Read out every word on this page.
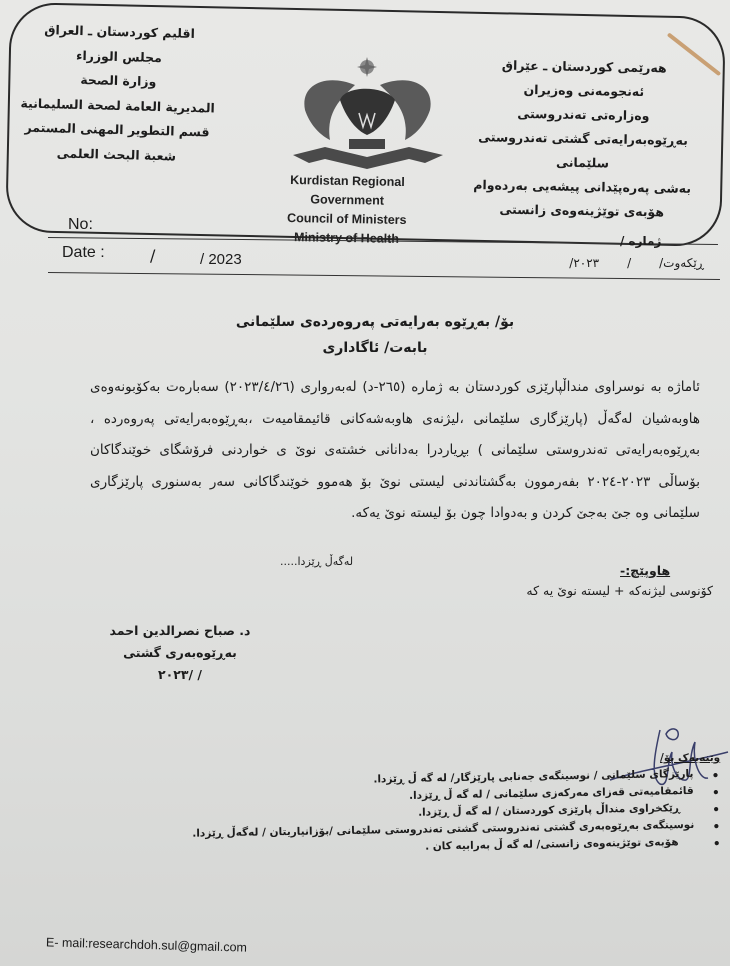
اقليم كوردستان ـ العراق
مجلس الوزراء
وزارة الصحة
المديرية العامة لصحة السليمانية
قسم التطوير المهنى المستمر
شعبة البحث العلمى
هەرێمی کوردستان ـ عێراق
ئەنجومەنی وەزیران
وەزارەتی تەندروستی
بەڕێوەبەرایەتی گشتی تەندروستی سلێمانی
بەشی پەرەپێدانی پیشەیی بەردەوام
هۆبەی توێژینەوەی زانستی
Kurdistan Regional Government
Council of Ministers
Ministry of Health
No:
Date :	/	/ 2023
ژمارە /
ڕێکەوت/
/
٢٠٢٣/
بۆ/ بەڕێوە بەرایەتی پەروەردەی سلێمانی
بابەت/ ئاگاداری
ئاماژە بە نوسراوی منداڵپارێزی کوردستان بە ژمارە (٢٦٥-د) لەبەرواری (٢٠٢٣/٤/٢٦) سەبارەت بەکۆبونەوەی هاوبەشیان لەگەڵ (پارێزگاری سلێمانی ،لیژنەی هاوبەشەکانی قائیمقامیەت ،بەڕێوەبەرایەتی پەروەردە ، بەڕێوەبەرایەتی تەندروستی سلێمانی ) بڕیاردرا بەدانانی خشتەی نوێ ی خواردنی فرۆشگای خوێندگاکان بۆساڵی ٢٠٢٣-٢٠٢٤ بفەرموون بەگشتاندنی لیستی نوێ بۆ هەموو خوێندگاکانی سەر بەسنوری پارێزگاری سلێمانی وە جێ بەجێ کردن و بەدوادا چون بۆ لیستە نوێ یەکە.
لەگەڵ ڕێزدا.....
هاوپێچ:-
کۆنوسی لیژنەکە + لیستە نوێ یە کە
د. صباح نصرالدين احمد
بەڕێوەبەری گشتی
/ /٢٠٢٣
وێنەیەک بۆ/
• پارێزگای سلێمانی / نوسینگەی جەنابی پارێزگار/ لە گە ڵ ڕێزدا.
• قائمقامیەتی قەزای مەرکەزی سلێمانی / لە گە ڵ ڕێزدا.
• ڕێکخراوی منداڵ پارێزی کوردستان / لە گە ڵ ڕێزدا.
• نوسینگەی بەڕێوەبەری گشتی تەندروستی گشتی تەندروستی سلێمانی /بۆزانیاریتان / لەگەڵ ڕێزدا.
• هۆبەی توێژینەوەی زانستی/ لە گە ڵ بەرابیە کان .
E- mail:researchdoh.sul@gmail.com
